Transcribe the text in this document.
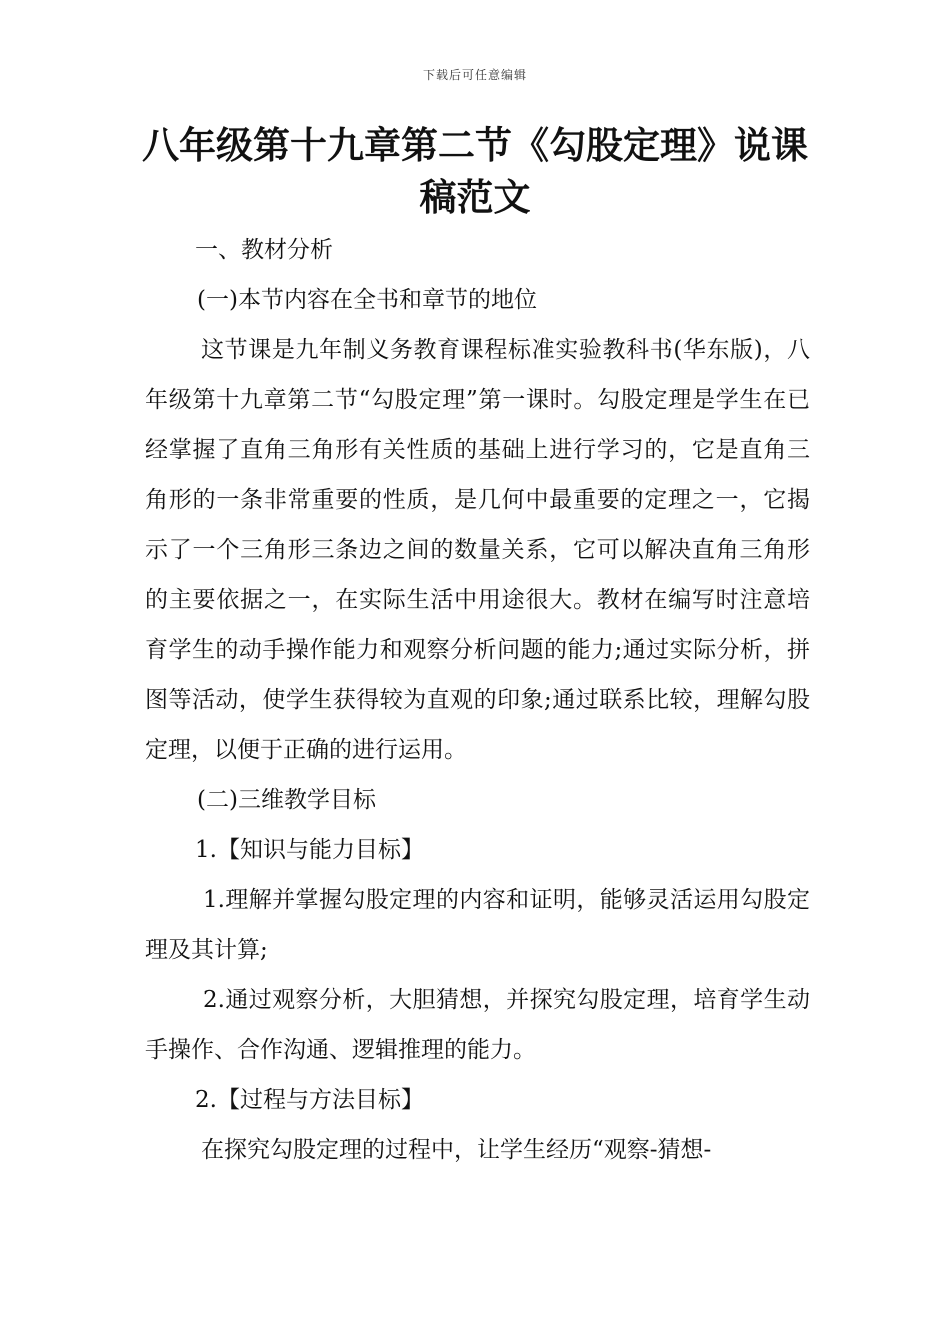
下载后可任意编辑
八年级第十九章第二节《勾股定理》说课稿范文

一、教材分析

(一)本节内容在全书和章节的地位

这节课是九年制义务教育课程标准实验教科书(华东版)，八年级第十九章第二节“勾股定理”第一课时。勾股定理是学生在已经掌握了直角三角形有关性质的基础上进行学习的，它是直角三角形的一条非常重要的性质，是几何中最重要的定理之一，它揭示了一个三角形三条边之间的数量关系，它可以解决直角三角形的主要依据之一，在实际生活中用途很大。教材在编写时注意培育学生的动手操作能力和观察分析问题的能力;通过实际分析，拼图等活动，使学生获得较为直观的印象;通过联系比较，理解勾股定理，以便于正确的进行运用。

(二)三维教学目标

1.【知识与能力目标】

1.理解并掌握勾股定理的内容和证明，能够灵活运用勾股定理及其计算;

2.通过观察分析，大胆猜想，并探究勾股定理，培育学生动手操作、合作沟通、逻辑推理的能力。

2.【过程与方法目标】

在探究勾股定理的过程中，让学生经历“观察-猜想-
